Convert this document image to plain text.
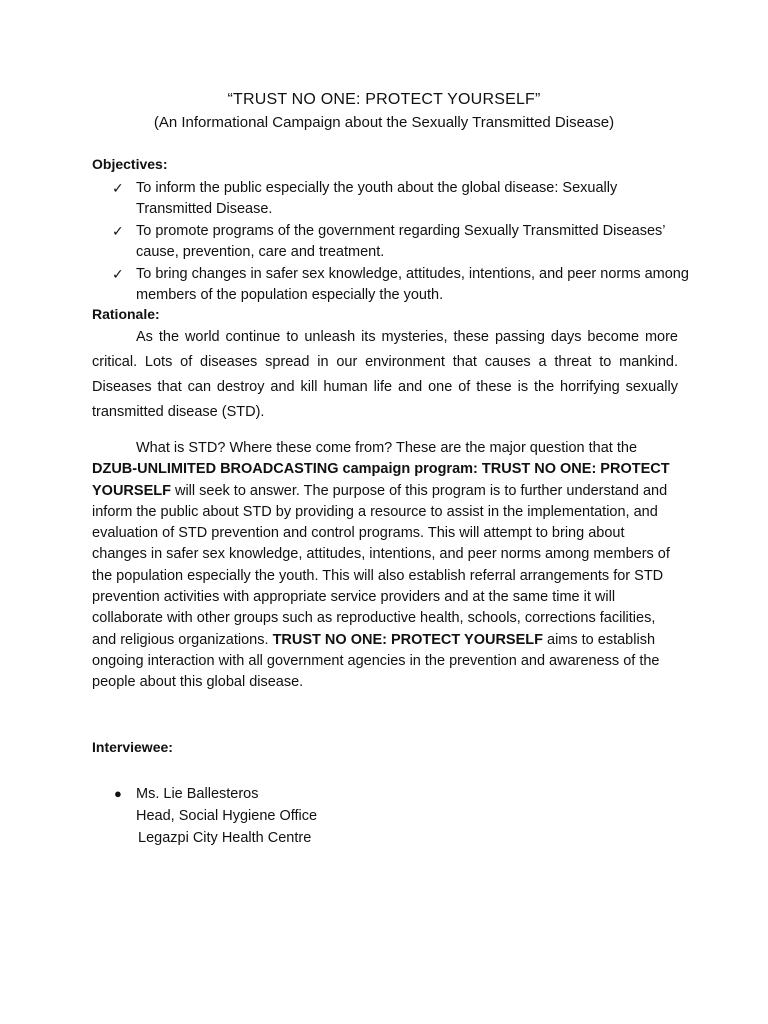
“TRUST NO ONE: PROTECT YOURSELF”
(An Informational Campaign about the Sexually Transmitted Disease)
Objectives:
✓ To inform the public especially the youth about the global disease: Sexually Transmitted Disease.
✓ To promote programs of the government regarding Sexually Transmitted Diseases’ cause, prevention, care and treatment.
✓ To bring changes in safer sex knowledge, attitudes, intentions, and peer norms among members of the population especially the youth.
Rationale:
As the world continue to unleash its mysteries, these passing days become more critical. Lots of diseases spread in our environment that causes a threat to mankind. Diseases that can destroy and kill human life and one of these is the horrifying sexually transmitted disease (STD).
What is STD? Where these come from? These are the major question that the DZUB-UNLIMITED BROADCASTING campaign program: TRUST NO ONE: PROTECT YOURSELF will seek to answer. The purpose of this program is to further understand and inform the public about STD by providing a resource to assist in the implementation, and evaluation of STD prevention and control programs. This will attempt to bring about changes in safer sex knowledge, attitudes, intentions, and peer norms among members of the population especially the youth. This will also establish referral arrangements for STD prevention activities with appropriate service providers and at the same time it will collaborate with other groups such as reproductive health, schools, corrections facilities, and religious organizations. TRUST NO ONE: PROTECT YOURSELF aims to establish ongoing interaction with all government agencies in the prevention and awareness of the people about this global disease.
Interviewee:
● Ms. Lie Ballesteros
Head, Social Hygiene Office
Legazpi City Health Centre
